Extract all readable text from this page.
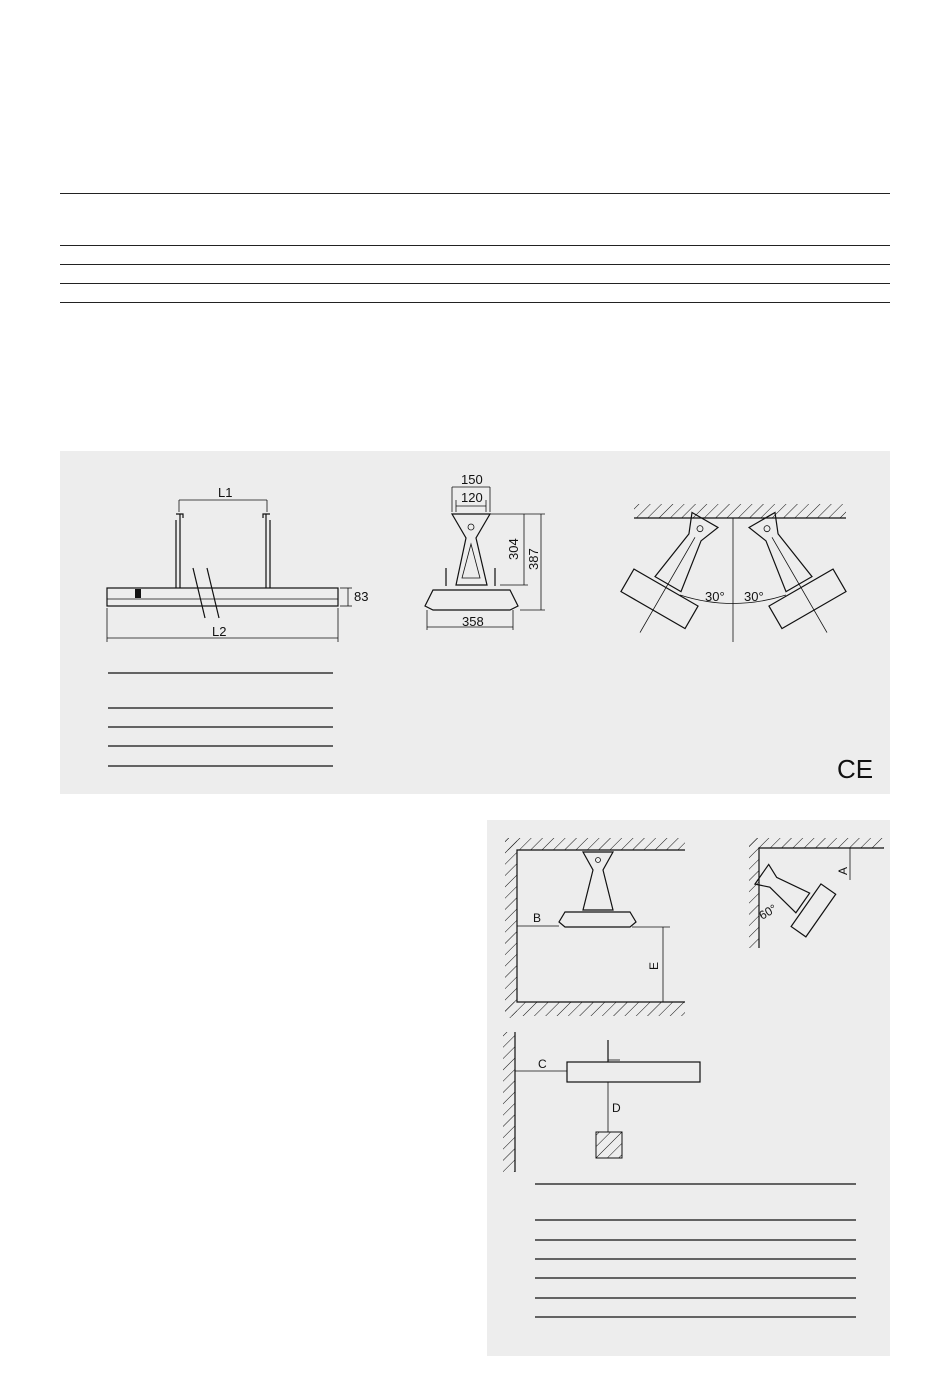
L1
L2
83
150
120
304 387
358
30° 30°
CE
B
E
A
60°
C
D
